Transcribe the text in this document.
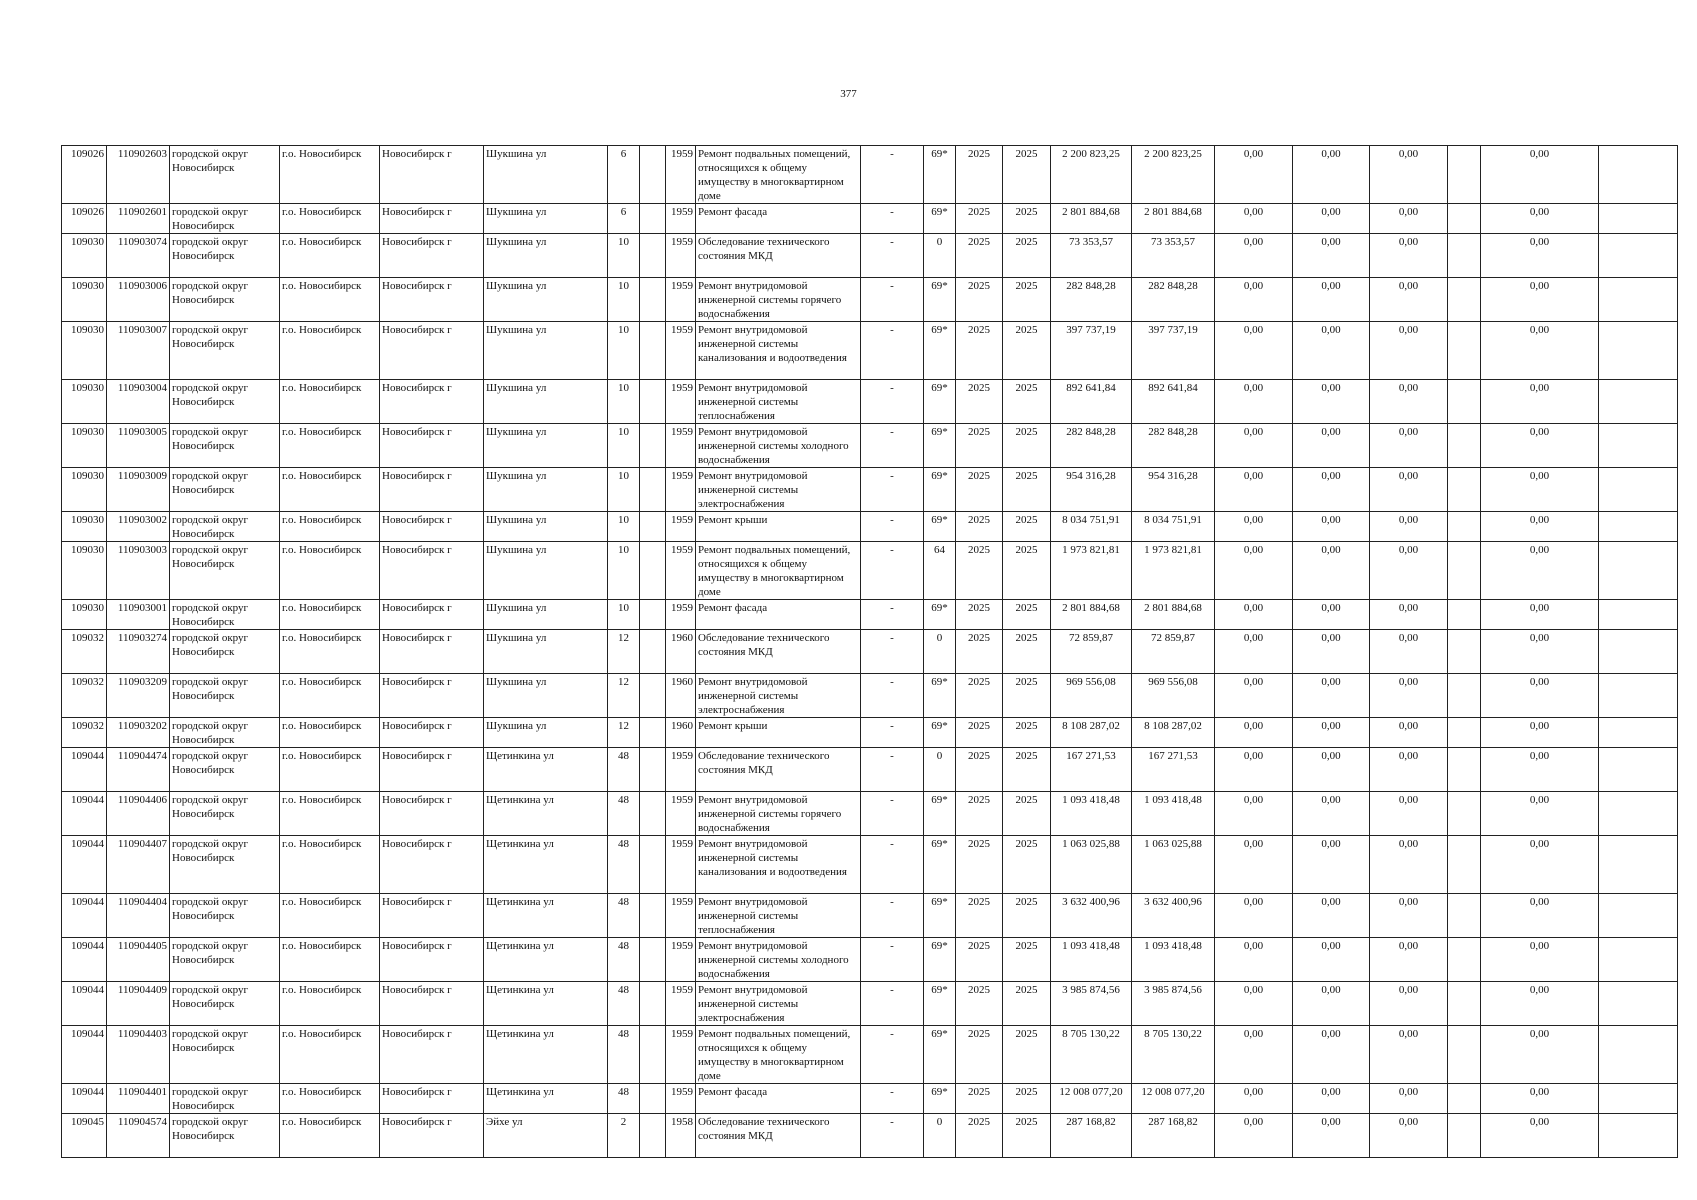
377
109026	110902603	городской округ Новосибирск	г.о. Новосибирск	Новосибирск г	Шукшина ул	6		1959	Ремонт подвальных помещений, относящихся к общему имуществу в многоквартирном доме	-	69*	2025	2025	2 200 823,25	2 200 823,25	0,00	0,00	0,00		0,00	
109026	110902601	городской округ Новосибирск	г.о. Новосибирск	Новосибирск г	Шукшина ул	6		1959	Ремонт фасада	-	69*	2025	2025	2 801 884,68	2 801 884,68	0,00	0,00	0,00		0,00	
109030	110903074	городской округ Новосибирск	г.о. Новосибирск	Новосибирск г	Шукшина ул	10		1959	Обследование технического состояния МКД	-	0	2025	2025	73 353,57	73 353,57	0,00	0,00	0,00		0,00	
109030	110903006	городской округ Новосибирск	г.о. Новосибирск	Новосибирск г	Шукшина ул	10		1959	Ремонт внутридомовой инженерной системы горячего водоснабжения	-	69*	2025	2025	282 848,28	282 848,28	0,00	0,00	0,00		0,00	
109030	110903007	городской округ Новосибирск	г.о. Новосибирск	Новосибирск г	Шукшина ул	10		1959	Ремонт внутридомовой инженерной системы канализования и водоотведения	-	69*	2025	2025	397 737,19	397 737,19	0,00	0,00	0,00		0,00	
109030	110903004	городской округ Новосибирск	г.о. Новосибирск	Новосибирск г	Шукшина ул	10		1959	Ремонт внутридомовой инженерной системы теплоснабжения	-	69*	2025	2025	892 641,84	892 641,84	0,00	0,00	0,00		0,00	
109030	110903005	городской округ Новосибирск	г.о. Новосибирск	Новосибирск г	Шукшина ул	10		1959	Ремонт внутридомовой инженерной системы холодного водоснабжения	-	69*	2025	2025	282 848,28	282 848,28	0,00	0,00	0,00		0,00	
109030	110903009	городской округ Новосибирск	г.о. Новосибирск	Новосибирск г	Шукшина ул	10		1959	Ремонт внутридомовой инженерной системы электроснабжения	-	69*	2025	2025	954 316,28	954 316,28	0,00	0,00	0,00		0,00	
109030	110903002	городской округ Новосибирск	г.о. Новосибирск	Новосибирск г	Шукшина ул	10		1959	Ремонт крыши	-	69*	2025	2025	8 034 751,91	8 034 751,91	0,00	0,00	0,00		0,00	
109030	110903003	городской округ Новосибирск	г.о. Новосибирск	Новосибирск г	Шукшина ул	10		1959	Ремонт подвальных помещений, относящихся к общему имуществу в многоквартирном доме	-	64	2025	2025	1 973 821,81	1 973 821,81	0,00	0,00	0,00		0,00	
109030	110903001	городской округ Новосибирск	г.о. Новосибирск	Новосибирск г	Шукшина ул	10		1959	Ремонт фасада	-	69*	2025	2025	2 801 884,68	2 801 884,68	0,00	0,00	0,00		0,00	
109032	110903274	городской округ Новосибирск	г.о. Новосибирск	Новосибирск г	Шукшина ул	12		1960	Обследование технического состояния МКД	-	0	2025	2025	72 859,87	72 859,87	0,00	0,00	0,00		0,00	
109032	110903209	городской округ Новосибирск	г.о. Новосибирск	Новосибирск г	Шукшина ул	12		1960	Ремонт внутридомовой инженерной системы электроснабжения	-	69*	2025	2025	969 556,08	969 556,08	0,00	0,00	0,00		0,00	
109032	110903202	городской округ Новосибирск	г.о. Новосибирск	Новосибирск г	Шукшина ул	12		1960	Ремонт крыши	-	69*	2025	2025	8 108 287,02	8 108 287,02	0,00	0,00	0,00		0,00	
109044	110904474	городской округ Новосибирск	г.о. Новосибирск	Новосибирск г	Щетинкина ул	48		1959	Обследование технического состояния МКД	-	0	2025	2025	167 271,53	167 271,53	0,00	0,00	0,00		0,00	
109044	110904406	городской округ Новосибирск	г.о. Новосибирск	Новосибирск г	Щетинкина ул	48		1959	Ремонт внутридомовой инженерной системы горячего водоснабжения	-	69*	2025	2025	1 093 418,48	1 093 418,48	0,00	0,00	0,00		0,00	
109044	110904407	городской округ Новосибирск	г.о. Новосибирск	Новосибирск г	Щетинкина ул	48		1959	Ремонт внутридомовой инженерной системы канализования и водоотведения	-	69*	2025	2025	1 063 025,88	1 063 025,88	0,00	0,00	0,00		0,00	
109044	110904404	городской округ Новосибирск	г.о. Новосибирск	Новосибирск г	Щетинкина ул	48		1959	Ремонт внутридомовой инженерной системы теплоснабжения	-	69*	2025	2025	3 632 400,96	3 632 400,96	0,00	0,00	0,00		0,00	
109044	110904405	городской округ Новосибирск	г.о. Новосибирск	Новосибирск г	Щетинкина ул	48		1959	Ремонт внутридомовой инженерной системы холодного водоснабжения	-	69*	2025	2025	1 093 418,48	1 093 418,48	0,00	0,00	0,00		0,00	
109044	110904409	городской округ Новосибирск	г.о. Новосибирск	Новосибирск г	Щетинкина ул	48		1959	Ремонт внутридомовой инженерной системы электроснабжения	-	69*	2025	2025	3 985 874,56	3 985 874,56	0,00	0,00	0,00		0,00	
109044	110904403	городской округ Новосибирск	г.о. Новосибирск	Новосибирск г	Щетинкина ул	48		1959	Ремонт подвальных помещений, относящихся к общему имуществу в многоквартирном доме	-	69*	2025	2025	8 705 130,22	8 705 130,22	0,00	0,00	0,00		0,00	
109044	110904401	городской округ Новосибирск	г.о. Новосибирск	Новосибирск г	Щетинкина ул	48		1959	Ремонт фасада	-	69*	2025	2025	12 008 077,20	12 008 077,20	0,00	0,00	0,00		0,00	
109045	110904574	городской округ Новосибирск	г.о. Новосибирск	Новосибирск г	Эйхе ул	2		1958	Обследование технического состояния МКД	-	0	2025	2025	287 168,82	287 168,82	0,00	0,00	0,00		0,00	
